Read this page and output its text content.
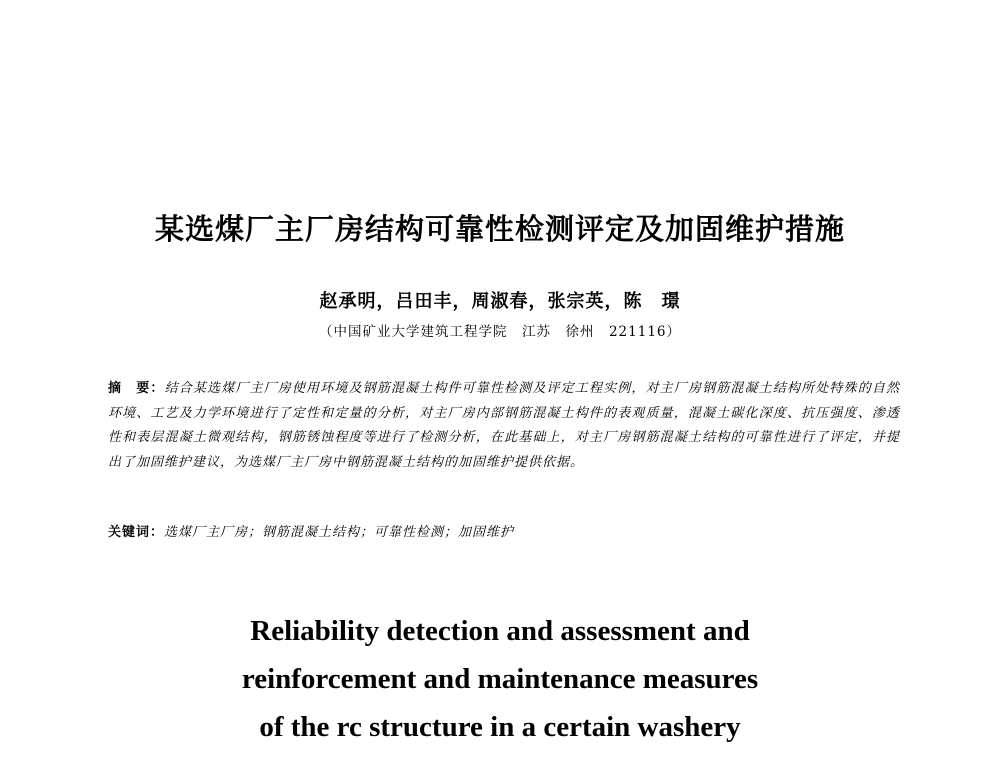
某选煤厂主厂房结构可靠性检测评定及加固维护措施
赵承明，吕田丰，周淑春，张宗英，陈　璟
（中国矿业大学建筑工程学院　江苏　徐州　221116）
摘　要：结合某选煤厂主厂房使用环境及钢筋混凝土构件可靠性检测及评定工程实例，对主厂房钢筋混凝土结构所处特殊的自然环境、工艺及力学环境进行了定性和定量的分析，对主厂房内部钢筋混凝土构件的表观质量，混凝土碳化深度、抗压强度、渗透性和表层混凝土微观结构，钢筋锈蚀程度等进行了检测分析，在此基础上，对主厂房钢筋混凝土结构的可靠性进行了评定，并提出了加固维护建议，为选煤厂主厂房中钢筋混凝土结构的加固维护提供依据。
关键词：选煤厂主厂房；钢筋混凝土结构；可靠性检测；加固维护
Reliability detection and assessment and
reinforcement and maintenance measures
of the rc structure in a certain washery
